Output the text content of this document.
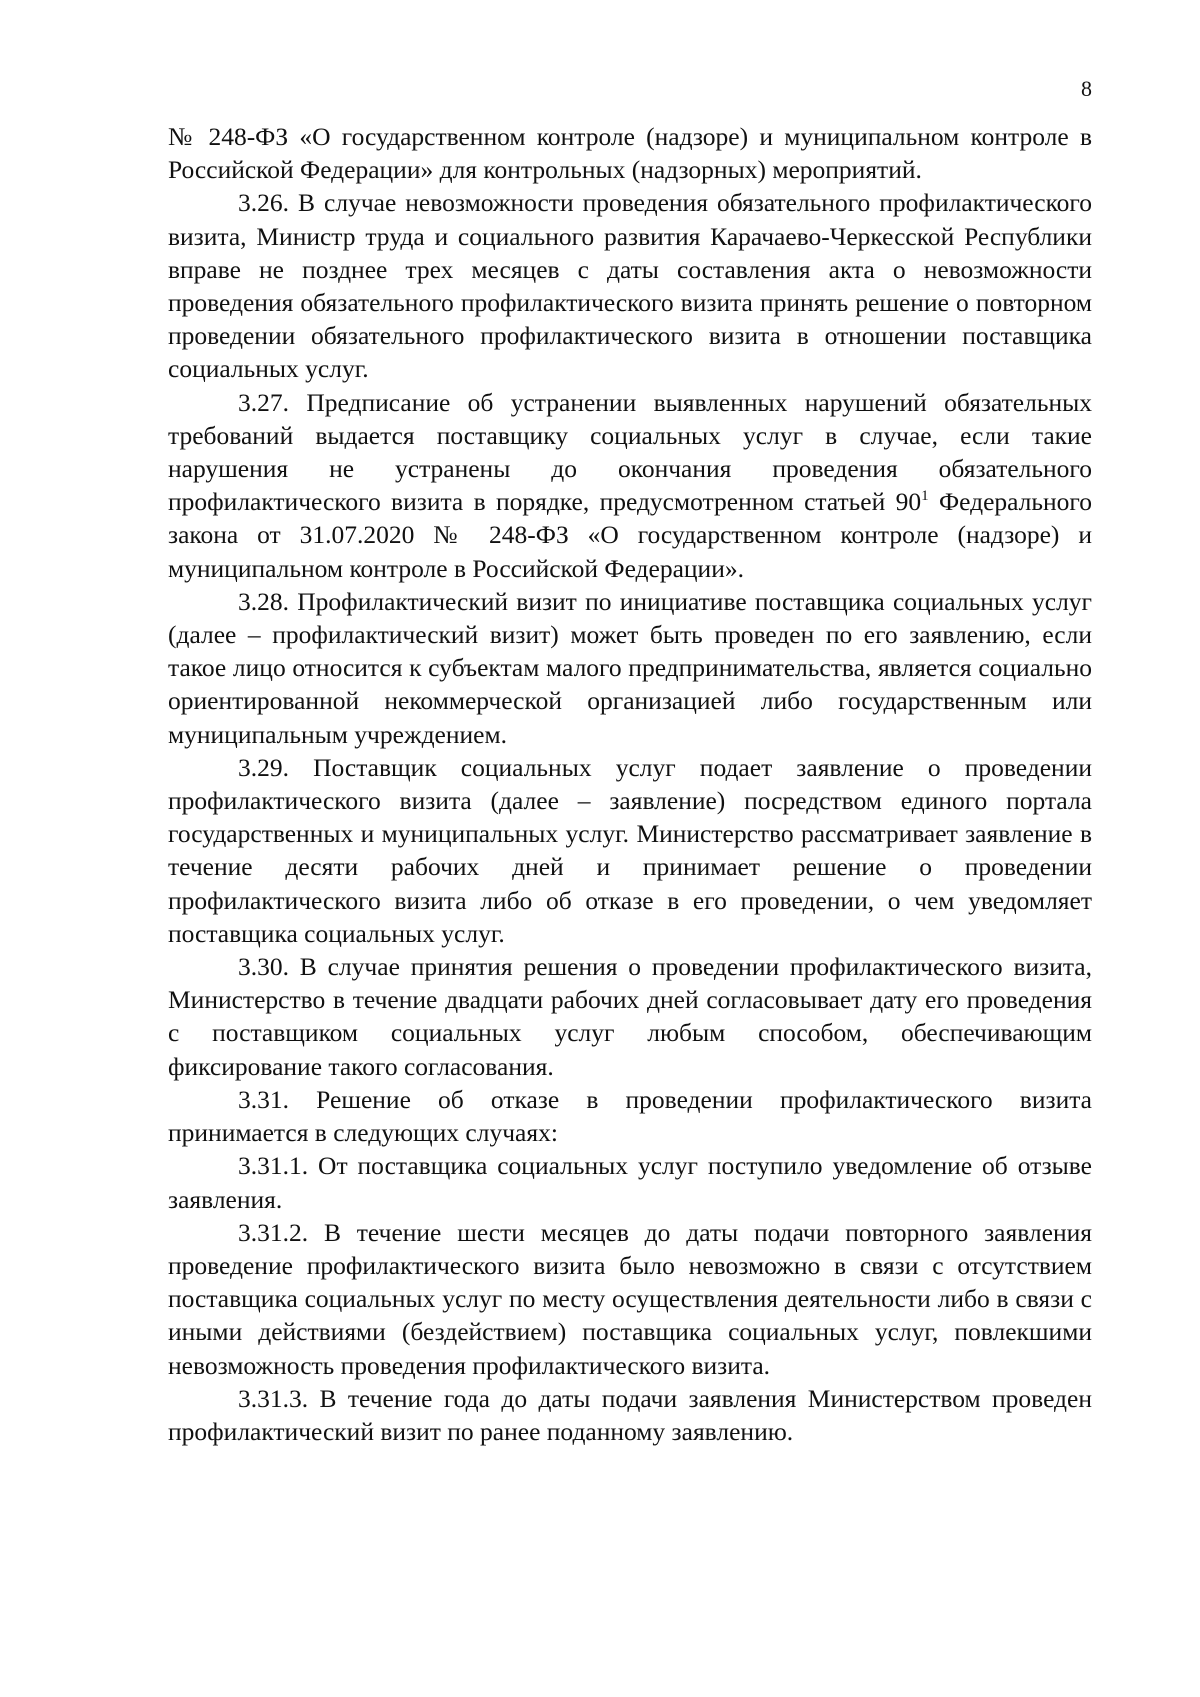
8

№ 248-ФЗ «О государственном контроле (надзоре) и муниципальном контроле в Российской Федерации» для контрольных (надзорных) мероприятий.

3.26. В случае невозможности проведения обязательного профилактического визита, Министр труда и социального развития Карачаево-Черкесской Республики вправе не позднее трех месяцев с даты составления акта о невозможности проведения обязательного профилактического визита принять решение о повторном проведении обязательного профилактического визита в отношении поставщика социальных услуг.

3.27. Предписание об устранении выявленных нарушений обязательных требований выдается поставщику социальных услуг в случае, если такие нарушения не устранены до окончания проведения обязательного профилактического визита в порядке, предусмотренном статьей $90^1$ Федерального закона от 31.07.2020 № 248-ФЗ «О государственном контроле (надзоре) и муниципальном контроле в Российской Федерации».

3.28. Профилактический визит по инициативе поставщика социальных услуг (далее – профилактический визит) может быть проведен по его заявлению, если такое лицо относится к субъектам малого предпринимательства, является социально ориентированной некоммерческой организацией либо государственным или муниципальным учреждением.

3.29. Поставщик социальных услуг подает заявление о проведении профилактического визита (далее – заявление) посредством единого портала государственных и муниципальных услуг. Министерство рассматривает заявление в течение десяти рабочих дней и принимает решение о проведении профилактического визита либо об отказе в его проведении, о чем уведомляет поставщика социальных услуг.

3.30. В случае принятия решения о проведении профилактического визита, Министерство в течение двадцати рабочих дней согласовывает дату его проведения с поставщиком социальных услуг любым способом, обеспечивающим фиксирование такого согласования.

3.31. Решение об отказе в проведении профилактического визита принимается в следующих случаях:

3.31.1. От поставщика социальных услуг поступило уведомление об отзыве заявления.

3.31.2. В течение шести месяцев до даты подачи повторного заявления проведение профилактического визита было невозможно в связи с отсутствием поставщика социальных услуг по месту осуществления деятельности либо в связи с иными действиями (бездействием) поставщика социальных услуг, повлекшими невозможность проведения профилактического визита.

3.31.3. В течение года до даты подачи заявления Министерством проведен профилактический визит по ранее поданному заявлению.
